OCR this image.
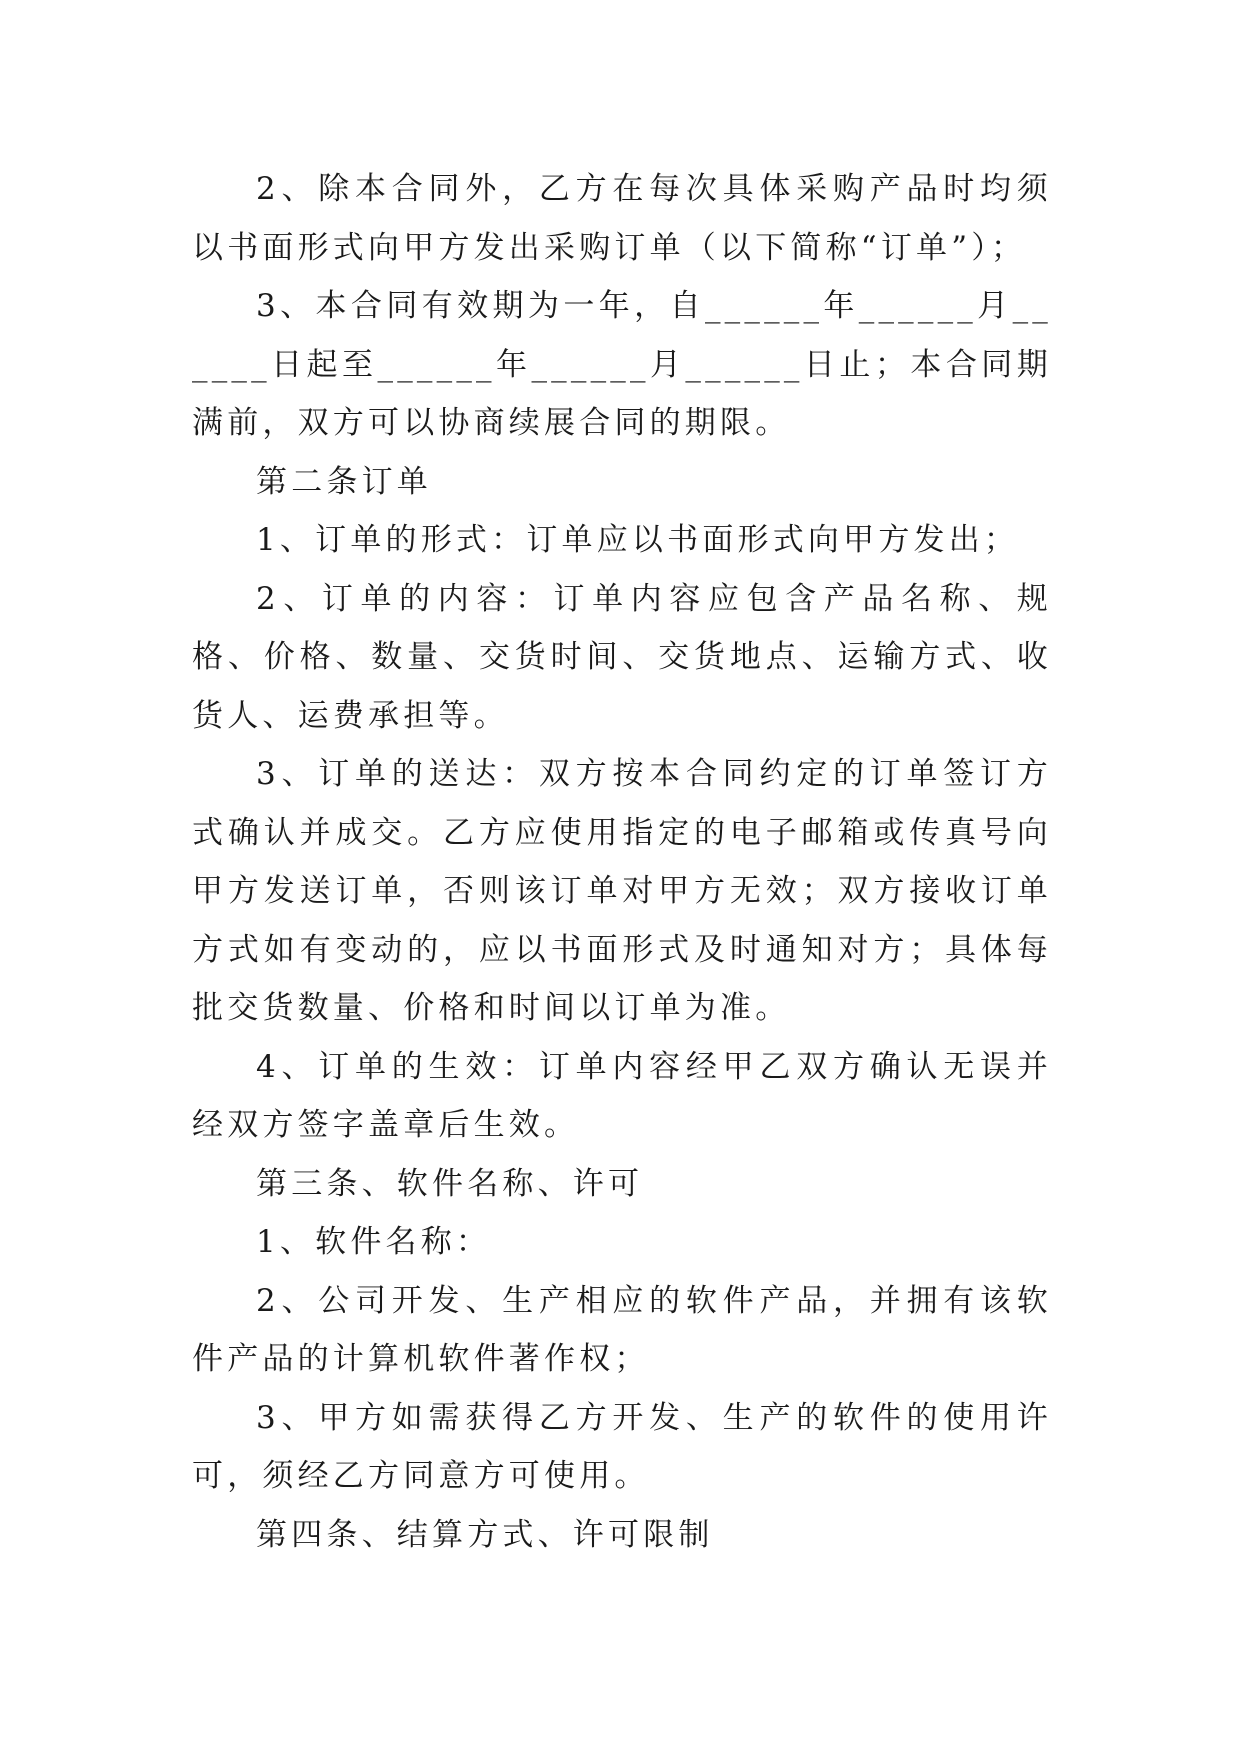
2、除本合同外，乙方在每次具体采购产品时均须以书面形式向甲方发出采购订单（以下简称“订单”）；

3、本合同有效期为一年，自______年______月______日起至______年______月______日止；本合同期满前，双方可以协商续展合同的期限。

第二条订单

1、订单的形式：订单应以书面形式向甲方发出；

2、订单的内容：订单内容应包含产品名称、规格、价格、数量、交货时间、交货地点、运输方式、收货人、运费承担等。

3、订单的送达：双方按本合同约定的订单签订方式确认并成交。乙方应使用指定的电子邮箱或传真号向甲方发送订单，否则该订单对甲方无效；双方接收订单方式如有变动的，应以书面形式及时通知对方；具体每批交货数量、价格和时间以订单为准。

4、订单的生效：订单内容经甲乙双方确认无误并经双方签字盖章后生效。

第三条、软件名称、许可

1、软件名称：

2、公司开发、生产相应的软件产品，并拥有该软件产品的计算机软件著作权；

3、甲方如需获得乙方开发、生产的软件的使用许可，须经乙方同意方可使用。

第四条、结算方式、许可限制
